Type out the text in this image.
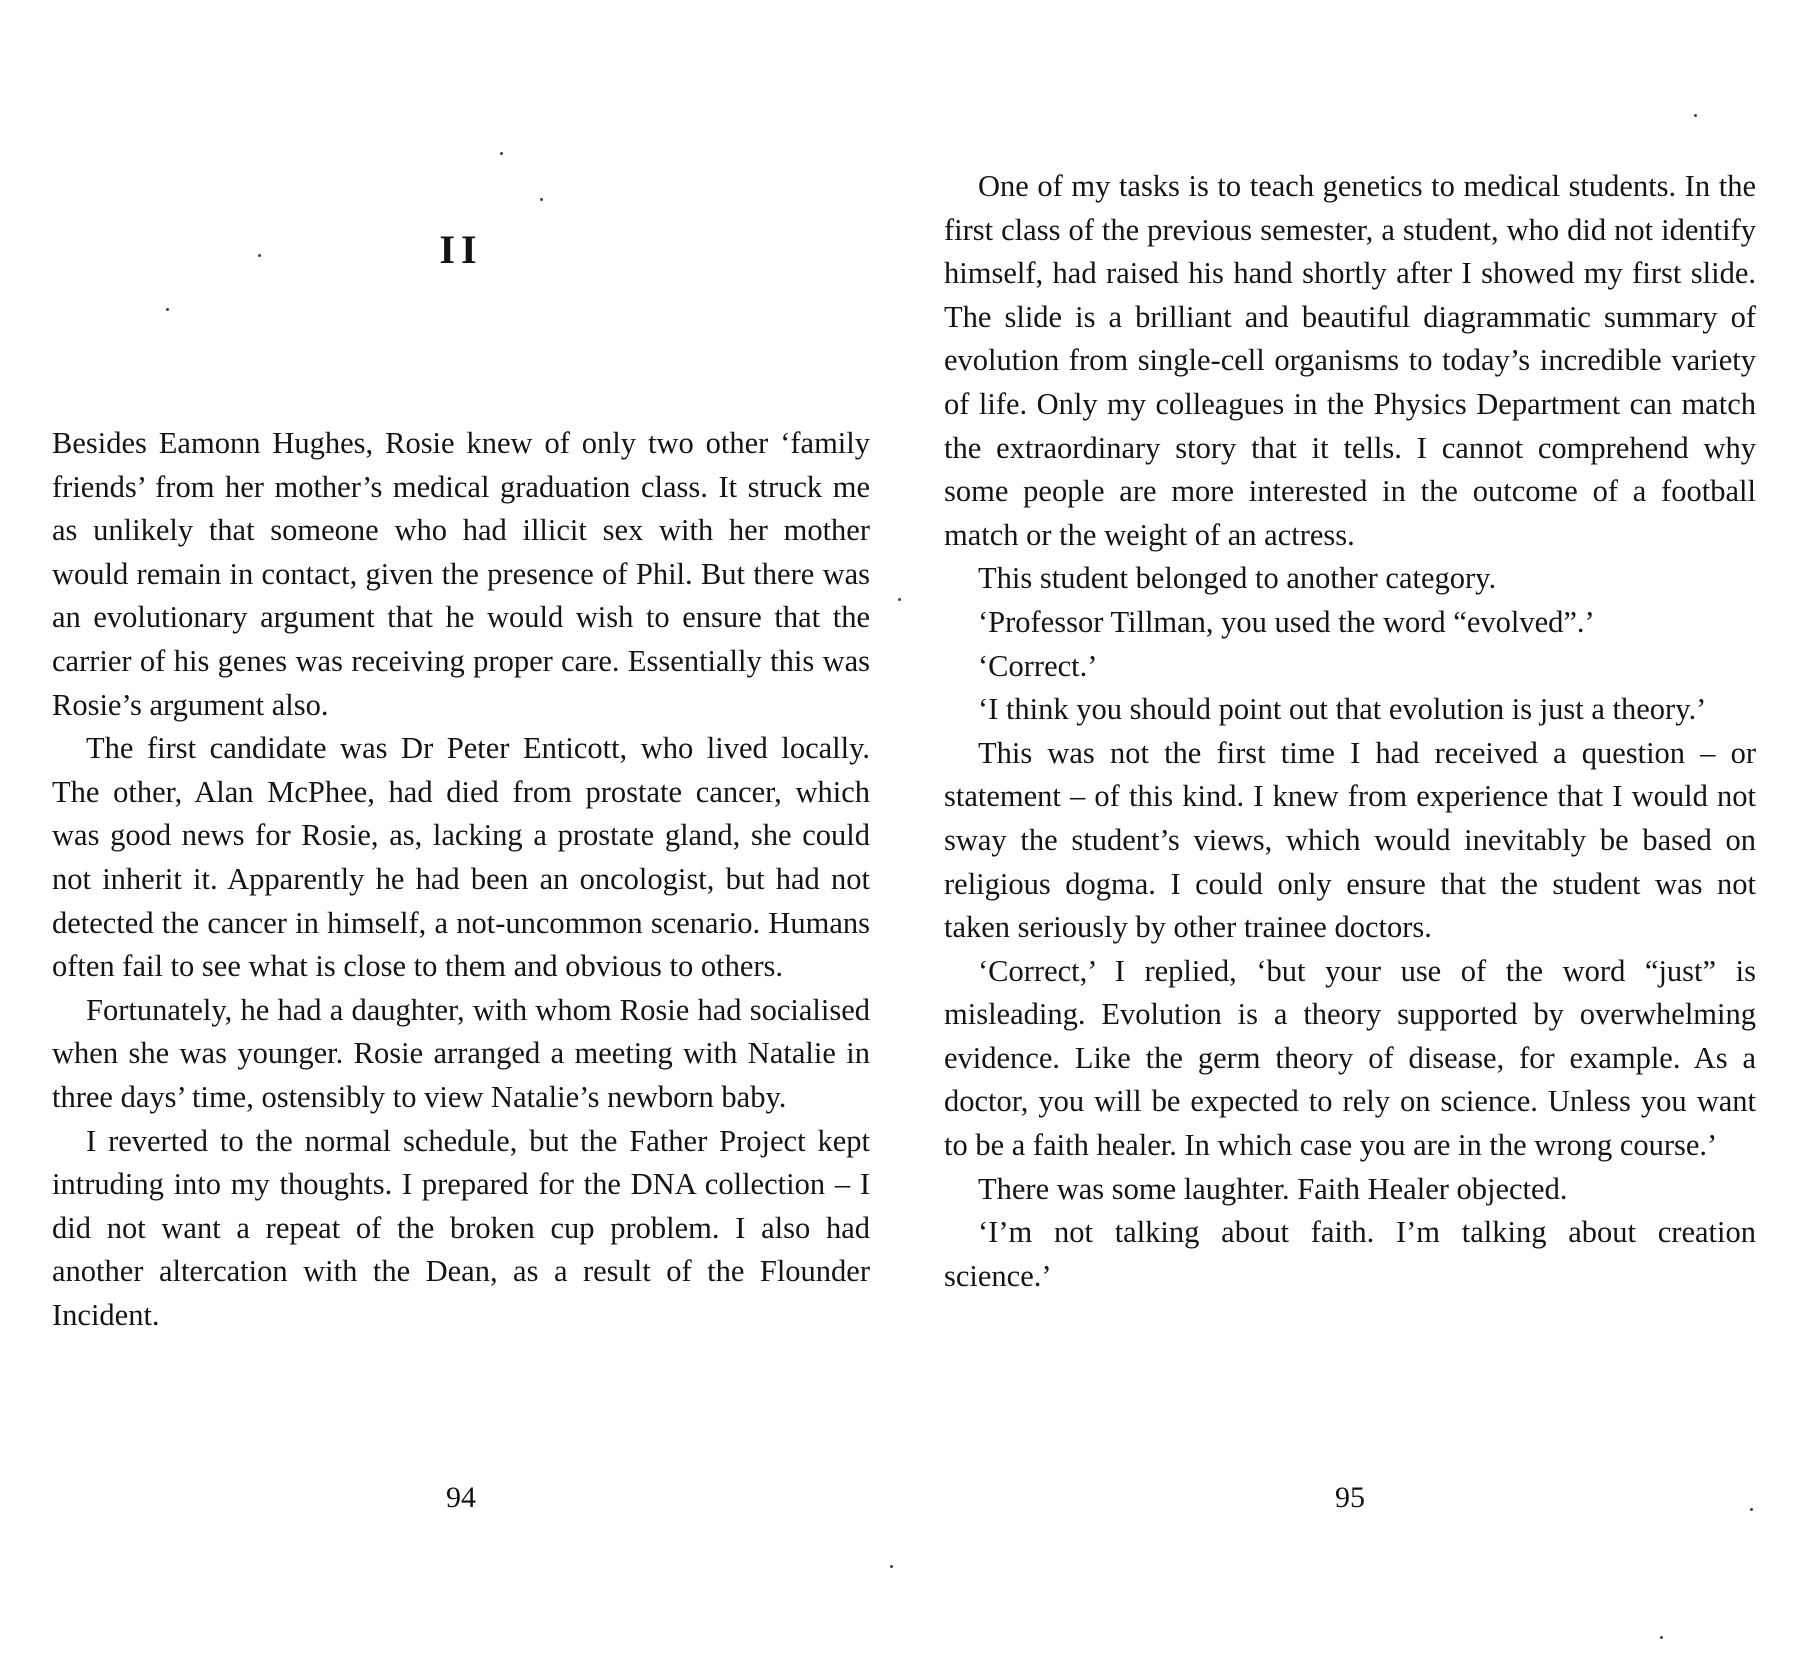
II

Besides Eamonn Hughes, Rosie knew of only two other ‘family friends’ from her mother’s medical graduation class. It struck me as unlikely that someone who had illicit sex with her mother would remain in contact, given the presence of Phil. But there was an evolutionary argument that he would wish to ensure that the carrier of his genes was receiving proper care. Essentially this was Rosie’s argument also.

The first candidate was Dr Peter Enticott, who lived locally. The other, Alan McPhee, had died from prostate cancer, which was good news for Rosie, as, lacking a prostate gland, she could not inherit it. Apparently he had been an oncologist, but had not detected the cancer in himself, a not-uncommon scenario. Humans often fail to see what is close to them and obvious to others.

Fortunately, he had a daughter, with whom Rosie had socialised when she was younger. Rosie arranged a meeting with Natalie in three days’ time, ostensibly to view Natalie’s newborn baby.

I reverted to the normal schedule, but the Father Project kept intruding into my thoughts. I prepared for the DNA collection – I did not want a repeat of the broken cup problem. I also had another altercation with the Dean, as a result of the Flounder Incident.

94

One of my tasks is to teach genetics to medical students. In the first class of the previous semester, a student, who did not identify himself, had raised his hand shortly after I showed my first slide. The slide is a brilliant and beautiful diagrammatic summary of evolution from single-cell organisms to today’s incredible variety of life. Only my colleagues in the Physics Department can match the extraordinary story that it tells. I cannot comprehend why some people are more interested in the outcome of a football match or the weight of an actress.

This student belonged to another category.

‘Professor Tillman, you used the word “evolved”.’

‘Correct.’

‘I think you should point out that evolution is just a theory.’

This was not the first time I had received a question – or statement – of this kind. I knew from experience that I would not sway the student’s views, which would inevitably be based on religious dogma. I could only ensure that the student was not taken seriously by other trainee doctors.

‘Correct,’ I replied, ‘but your use of the word “just” is misleading. Evolution is a theory supported by overwhelming evidence. Like the germ theory of disease, for example. As a doctor, you will be expected to rely on science. Unless you want to be a faith healer. In which case you are in the wrong course.’

There was some laughter. Faith Healer objected.

‘I’m not talking about faith. I’m talking about creation science.’

95
